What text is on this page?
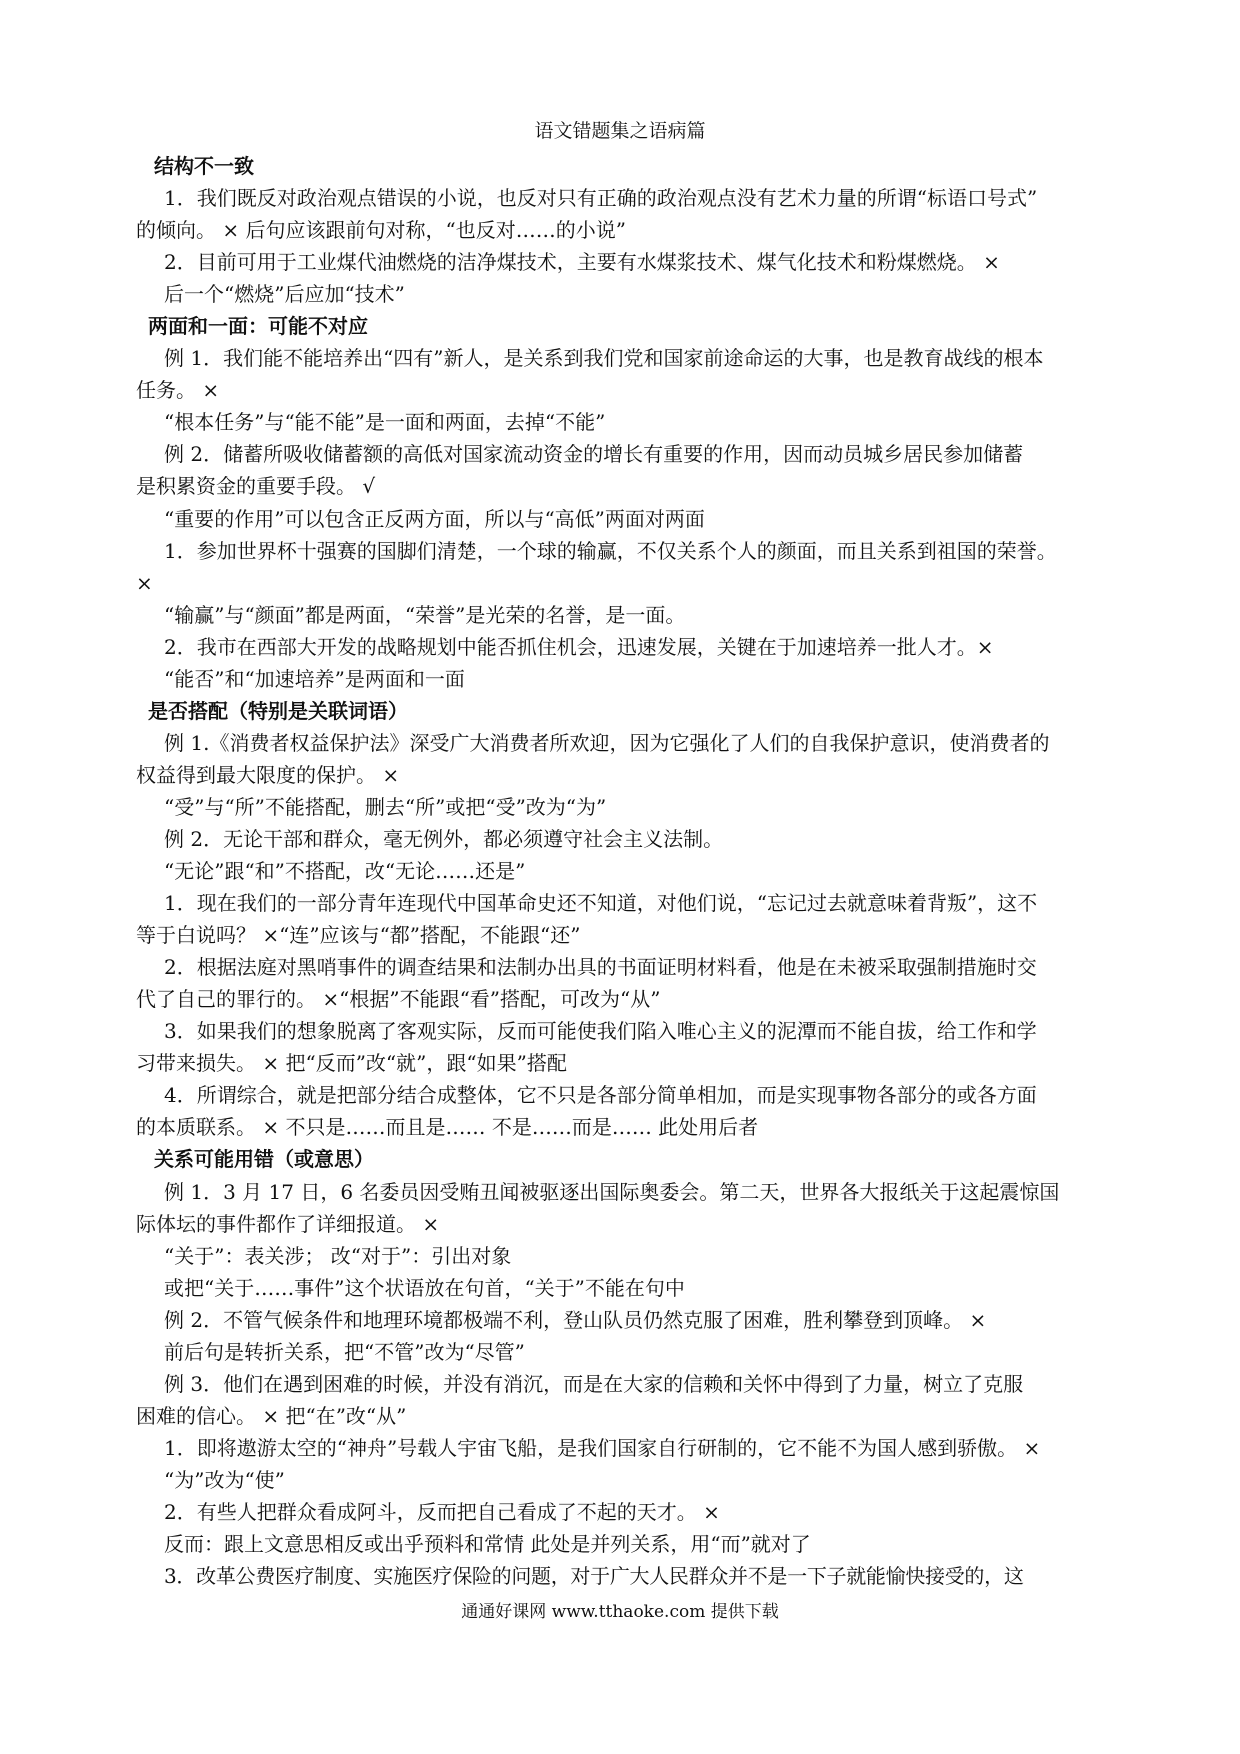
语文错题集之语病篇
结构不一致
1．我们既反对政治观点错误的小说，也反对只有正确的政治观点没有艺术力量的所谓“标语口号式”
的倾向。 × 后句应该跟前句对称，“也反对……的小说”
2．目前可用于工业煤代油燃烧的洁净煤技术，主要有水煤浆技术、煤气化技术和粉煤燃烧。 ×
后一个“燃烧”后应加“技术”
两面和一面：可能不对应
例 1．我们能不能培养出“四有”新人，是关系到我们党和国家前途命运的大事，也是教育战线的根本
任务。 ×
“根本任务”与“能不能”是一面和两面，去掉“不能”
例 2．储蓄所吸收储蓄额的高低对国家流动资金的增长有重要的作用，因而动员城乡居民参加储蓄
是积累资金的重要手段。 √
“重要的作用”可以包含正反两方面，所以与“高低”两面对两面
1．参加世界杯十强赛的国脚们清楚，一个球的输赢，不仅关系个人的颜面，而且关系到祖国的荣誉。
×
“输赢”与“颜面”都是两面，“荣誉”是光荣的名誉，是一面。
2．我市在西部大开发的战略规划中能否抓住机会，迅速发展，关键在于加速培养一批人才。×
“能否”和“加速培养”是两面和一面
是否搭配（特别是关联词语）
例 1.《消费者权益保护法》深受广大消费者所欢迎，因为它强化了人们的自我保护意识，使消费者的
权益得到最大限度的保护。 ×
“受”与“所”不能搭配，删去“所”或把“受”改为“为”
例 2．无论干部和群众，毫无例外，都必须遵守社会主义法制。
“无论”跟“和”不搭配，改“无论……还是”
1．现在我们的一部分青年连现代中国革命史还不知道，对他们说，“忘记过去就意味着背叛”，这不
等于白说吗？ ×“连”应该与“都”搭配，不能跟“还”
2．根据法庭对黑哨事件的调查结果和法制办出具的书面证明材料看，他是在未被采取强制措施时交
代了自己的罪行的。 ×“根据”不能跟“看”搭配，可改为“从”
3．如果我们的想象脱离了客观实际，反而可能使我们陷入唯心主义的泥潭而不能自拔，给工作和学
习带来损失。 × 把“反而”改“就”，跟“如果”搭配
4．所谓综合，就是把部分结合成整体，它不只是各部分简单相加，而是实现事物各部分的或各方面
的本质联系。 × 不只是……而且是…… 不是……而是…… 此处用后者
关系可能用错（或意思）
例 1．3 月 17 日，6 名委员因受贿丑闻被驱逐出国际奥委会。第二天，世界各大报纸关于这起震惊国
际体坛的事件都作了详细报道。 ×
“关于”：表关涉； 改“对于”：引出对象
或把“关于……事件”这个状语放在句首，“关于”不能在句中
例 2．不管气候条件和地理环境都极端不利，登山队员仍然克服了困难，胜利攀登到顶峰。 ×
前后句是转折关系，把“不管”改为“尽管”
例 3．他们在遇到困难的时候，并没有消沉，而是在大家的信赖和关怀中得到了力量，树立了克服
困难的信心。 × 把“在”改“从”
1．即将遨游太空的“神舟”号载人宇宙飞船，是我们国家自行研制的，它不能不为国人感到骄傲。 ×
“为”改为“使”
2．有些人把群众看成阿斗，反而把自己看成了不起的天才。 ×
反而：跟上文意思相反或出乎预料和常情 此处是并列关系，用“而”就对了
3．改革公费医疗制度、实施医疗保险的问题，对于广大人民群众并不是一下子就能愉快接受的，这
通通好课网 www.tthaoke.com 提供下载
